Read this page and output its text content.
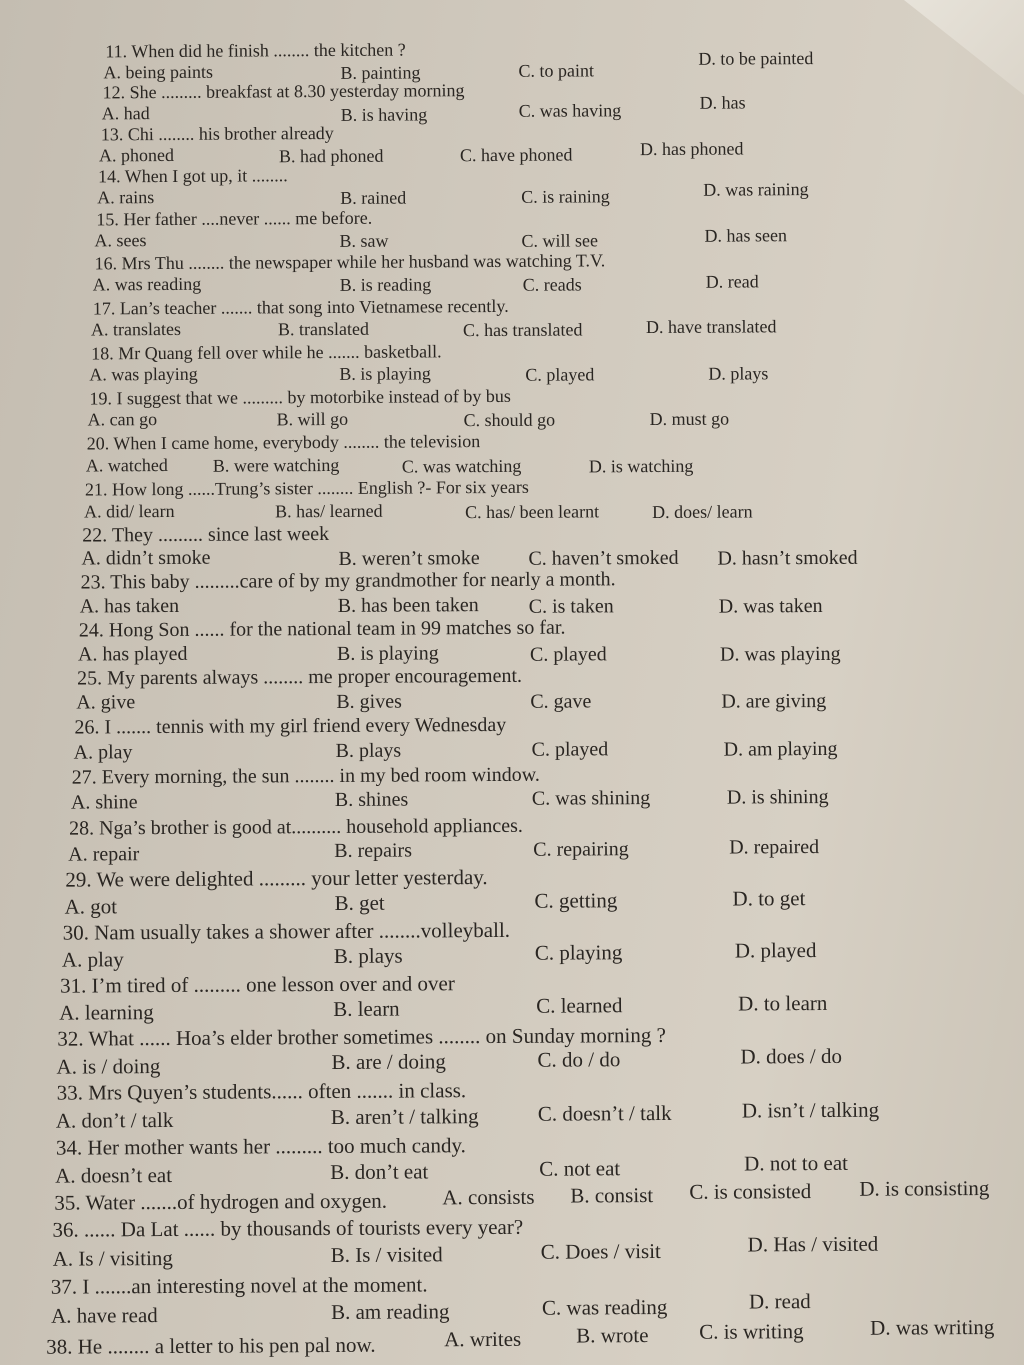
11. When did he finish ........ the kitchen ?
A. being paints	B. painting	C. to paint
D. to be painted
12. She ......... breakfast at 8.30 yesterday morning
A. had	B. is having	C. was having	D. has
13. Chi ........ his brother already
A. phoned	B. had phoned	C. have phoned	D. has phoned
14. When I got up, it ........
A. rains	B. rained	C. is raining	D. was raining
15. Her father ....never ...... me before.
A. sees	B. saw	C. will see	D. has seen
16. Mrs Thu ........ the newspaper while her husband was watching T.V.
A. was reading	B. is reading	C. reads	D. read
17. Lan’s teacher ....... that song into Vietnamese recently.
A. translates	B. translated	C. has translated	D. have translated
18. Mr Quang fell over while he ....... basketball.
A. was playing	B. is playing	C. played	D. plays
19. I suggest that we ......... by motorbike instead of by bus
A. can go	B. will go	C. should go	D. must go
20. When I came home, everybody ........ the television
A. watched B. were watching	C. was watching	D. is watching
21. How long ......Trung’s sister ........ English ?- For six years
A. did/ learn	B. has/ learned	C. has/ been learnt	D. does/ learn
22. They ......... since last week
A. didn’t smoke	B. weren’t smoke C. haven’t smoked D. hasn’t smoked
23. This baby .........care of by my grandmother for nearly a month.
A. has taken	B. has been taken C. is taken	D. was taken
24. Hong Son ...... for the national team in 99 matches so far.
A. has played	B. is playing	C. played	D. was playing
25. My parents always ........ me proper encouragement.
A. give	B. gives	C. gave	D. are giving
26. I ....... tennis with my girl friend every Wednesday
A. play	B. plays	C. played	D. am playing
27. Every morning, the sun ........ in my bed room window.
A. shine	B. shines	C. was shining	D. is shining
28. Nga’s brother is good at.......... household appliances.
A. repair	B. repairs	C. repairing	D. repaired
29. We were delighted ......... your letter yesterday.
A. got	B. get	C. getting	D. to get
30. Nam usually takes a shower after ........volleyball.
A. play	B. plays	C. playing	D. played
31. I’m tired of ......... one lesson over and over
A. learning	B. learn	C. learned	D. to learn
32. What ...... Hoa’s elder brother sometimes ........ on Sunday morning ?
A. is / doing	B. are / doing	C. do / do	D. does / do
33. Mrs Quyen’s students...... often ....... in class.
A. don’t / talk	B. aren’t / talking	C. doesn’t / talk	D. isn’t / talking
34. Her mother wants her ......... too much candy.
A. doesn’t eat	B. don’t eat	C. not eat	D. not to eat
35. Water .......of hydrogen and oxygen.	A. consists B. consist C. is consisted D. is consisting
36. ...... Da Lat ...... by thousands of tourists every year?
A. Is / visiting	B. Is / visited	C. Does / visit	D. Has / visited
37. I .......an interesting novel at the moment.
A. have read	B. am reading	C. was reading	D. read
38. He ........ a letter to his pen pal now.	A. writes	B. wrote C. is writing	D. was writing
